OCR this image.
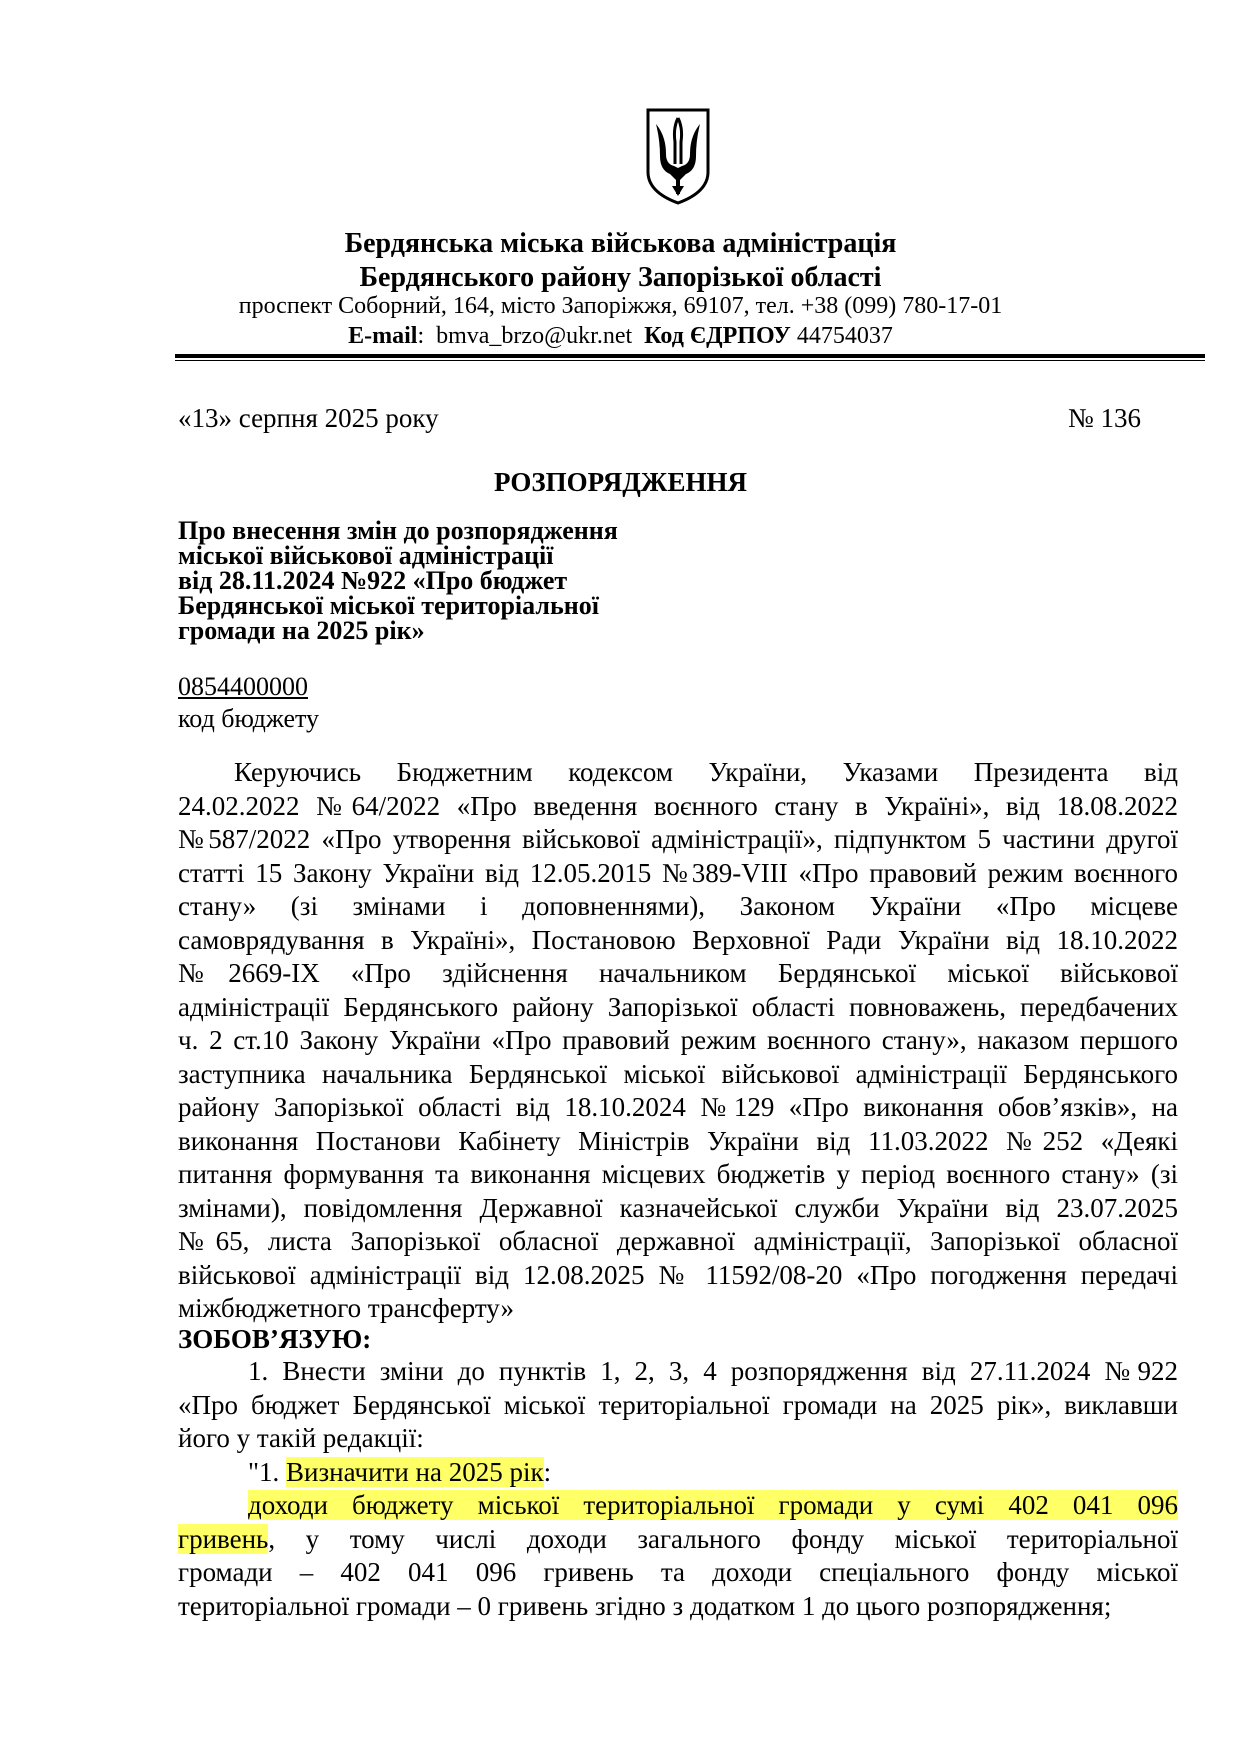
Бердянська міська військова адміністрація
Бердянського району Запорізької області
проспект Соборний, 164, місто Запоріжжя, 69107, тел. +38 (099) 780-17-01
E-mail:  bmva_brzo@ukr.net Код ЄДРПОУ 44754037
«13» серпня 2025 року	№ 136
РОЗПОРЯДЖЕННЯ
Про внесення змін до розпорядження
міської військової адміністрації
від 28.11.2024 №922 «Про бюджет
Бердянської міської територіальної
громади на 2025 рік»
0854400000
код бюджету
Керуючись Бюджетним кодексом України, Указами Президента від
24.02.2022 №64/2022 «Про введення воєнного стану в Україні», від 18.08.2022
№587/2022 «Про утворення військової адміністрації», підпунктом 5 частини другої
статті 15 Закону України від 12.05.2015 №389-VIII «Про правовий режим воєнного
стану» (зі змінами і доповненнями), Законом України «Про місцеве
самоврядування в Україні», Постановою Верховної Ради України від 18.10.2022
№2669-IX «Про здійснення начальником Бердянської міської військової
адміністрації Бердянського району Запорізької області повноважень, передбачених
ч. 2 ст.10 Закону України «Про правовий режим воєнного стану», наказом першого
заступника начальника Бердянської міської військової адміністрації Бердянського
району Запорізької області від 18.10.2024 №129 «Про виконання обов’язків», на
виконання Постанови Кабінету Міністрів України від 11.03.2022 №252 «Деякі
питання формування та виконання місцевих бюджетів у період воєнного стану» (зі
змінами), повідомлення Державної казначейської служби України від 23.07.2025
№65, листа Запорізької обласної державної адміністрації, Запорізької обласної
військової адміністрації від 12.08.2025 № 11592/08-20 «Про погодження передачі
міжбюджетного трансферту»
ЗОБОВ’ЯЗУЮ:
1. Внести зміни до пунктів 1, 2, 3, 4 розпорядження від 27.11.2024 №922
«Про бюджет Бердянської міської територіальної громади на 2025 рік», виклавши
його у такій редакції:
"1. Визначити на 2025 рік:
доходи бюджету міської територіальної громади у сумі 402 041 096
гривень, у тому числі доходи загального фонду міської територіальної
громади – 402 041 096 гривень та доходи спеціального фонду міської
територіальної громади – 0 гривень згідно з додатком 1 до цього розпорядження;
